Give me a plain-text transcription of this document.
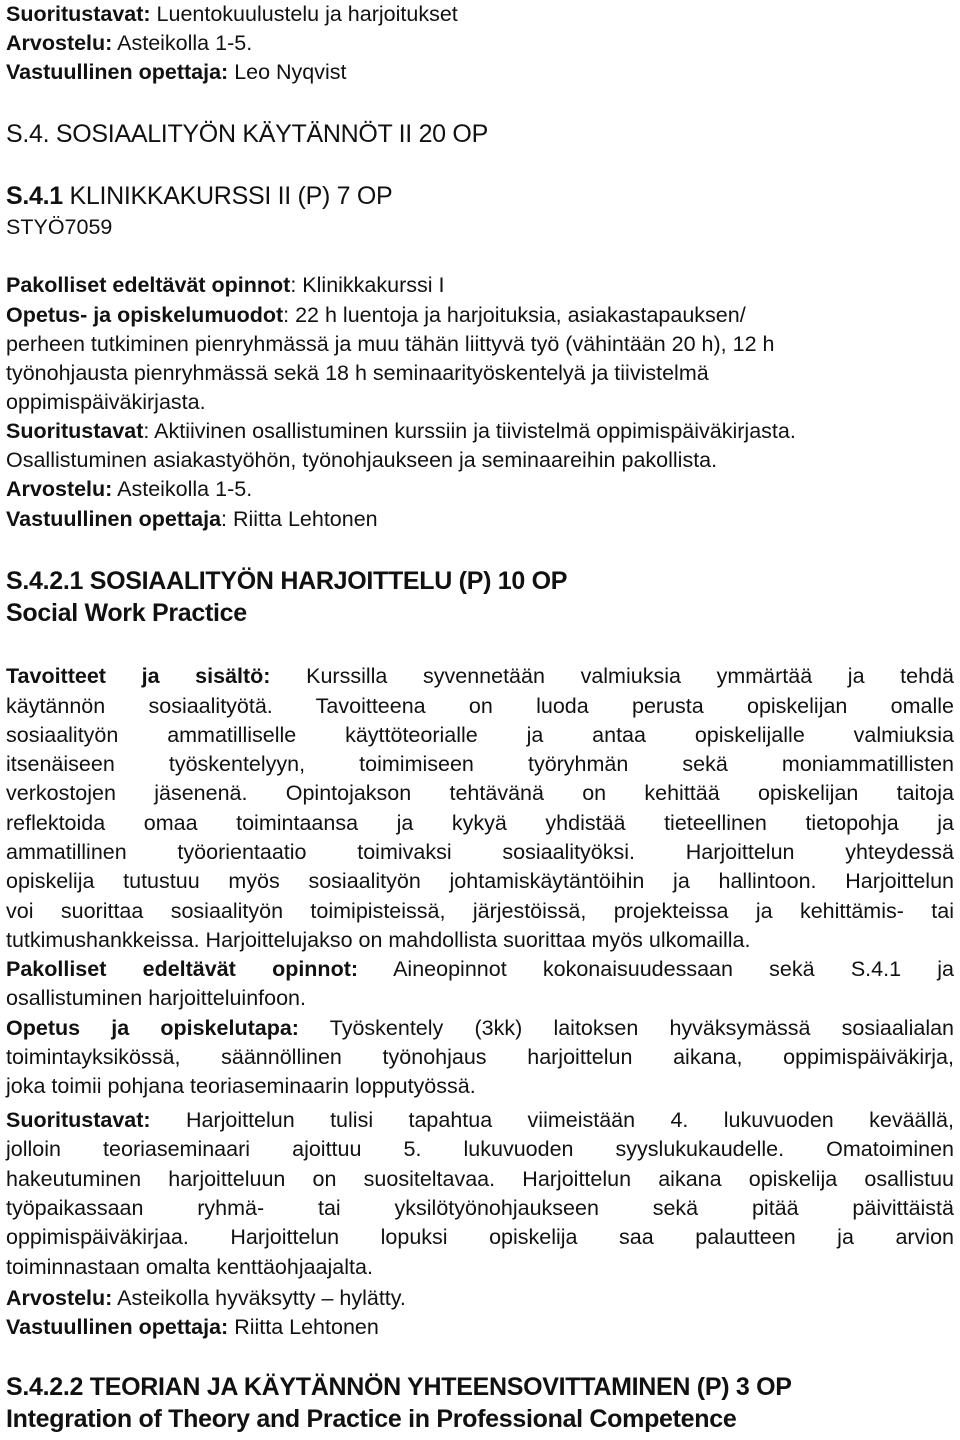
Suoritustavat: Luentokuulustelu ja harjoitukset
Arvostelu: Asteikolla 1-5.
Vastuullinen opettaja: Leo Nyqvist
S.4. SOSIAALITYÖN KÄYTÄNNÖT II 20 OP
S.4.1 KLINIKKAKURSSI II (P) 7 OP
STYÖ7059
Pakolliset edeltävät opinnot: Klinikkakurssi I
Opetus- ja opiskelumuodot: 22 h luentoja ja harjoituksia, asiakastapauksen/
perheen tutkiminen pienryhmässä ja muu tähän liittyvä työ (vähintään 20 h), 12 h
työnohjausta pienryhmässä sekä 18 h seminaarityöskentelyä ja tiivistelmä
oppimispäiväkirjasta.
Suoritustavat: Aktiivinen osallistuminen kurssiin ja tiivistelmä oppimispäiväkirjasta.
Osallistuminen asiakastyöhön, työnohjaukseen ja seminaareihin pakollista.
Arvostelu: Asteikolla 1-5.
Vastuullinen opettaja: Riitta Lehtonen
S.4.2.1 SOSIAALITYÖN HARJOITTELU (P) 10 OP
Social Work Practice
Tavoitteet ja sisältö: Kurssilla syvennetään valmiuksia ymmärtää ja tehdä
käytännön sosiaalityötä. Tavoitteena on luoda perusta opiskelijan omalle
sosiaalityön ammatilliselle käyttöteorialle ja antaa opiskelijalle valmiuksia
itsenäiseen työskentelyyn, toimimiseen työryhmän sekä moniammatillisten
verkostojen jäsenenä. Opintojakson tehtävänä on kehittää opiskelijan taitoja
reflektoida omaa toimintaansa ja kykyä yhdistää tieteellinen tietopohja ja
ammatillinen työorientaatio toimivaksi sosiaalityöksi. Harjoittelun yhteydessä
opiskelija tutustuu myös sosiaalityön johtamiskäytäntöihin ja hallintoon. Harjoittelun
voi suorittaa sosiaalityön toimipisteissä, järjestöissä, projekteissa ja kehittämis- tai
tutkimushankkeissa. Harjoittelujakso on mahdollista suorittaa myös ulkomailla.
Pakolliset edeltävät opinnot: Aineopinnot kokonaisuudessaan sekä S.4.1 ja
osallistuminen harjoitteluinfoon.
Opetus ja opiskelutapa: Työskentely (3kk) laitoksen hyväksymässä sosiaalialan
toimintayksikössä, säännöllinen työnohjaus harjoittelun aikana, oppimispäiväkirja,
joka toimii pohjana teoriaseminaarin lopputyössä.
Suoritustavat: Harjoittelun tulisi tapahtua viimeistään 4. lukuvuoden keväällä,
jolloin teoriaseminaari ajoittuu 5. lukuvuoden syyslukukaudelle. Omatoiminen
hakeutuminen harjoitteluun on suositeltavaa. Harjoittelun aikana opiskelija osallistuu
työpaikassaan ryhmä- tai yksilötyönohjaukseen sekä pitää päivittäistä
oppimispäiväkirjaa. Harjoittelun lopuksi opiskelija saa palautteen ja arvion
toiminnastaan omalta kenttäohjaajalta.
Arvostelu: Asteikolla hyväksytty – hylätty.
Vastuullinen opettaja: Riitta Lehtonen
S.4.2.2 TEORIAN JA KÄYTÄNNÖN YHTEENSOVITTAMINEN (P) 3 OP
Integration of Theory and Practice in Professional Competence
